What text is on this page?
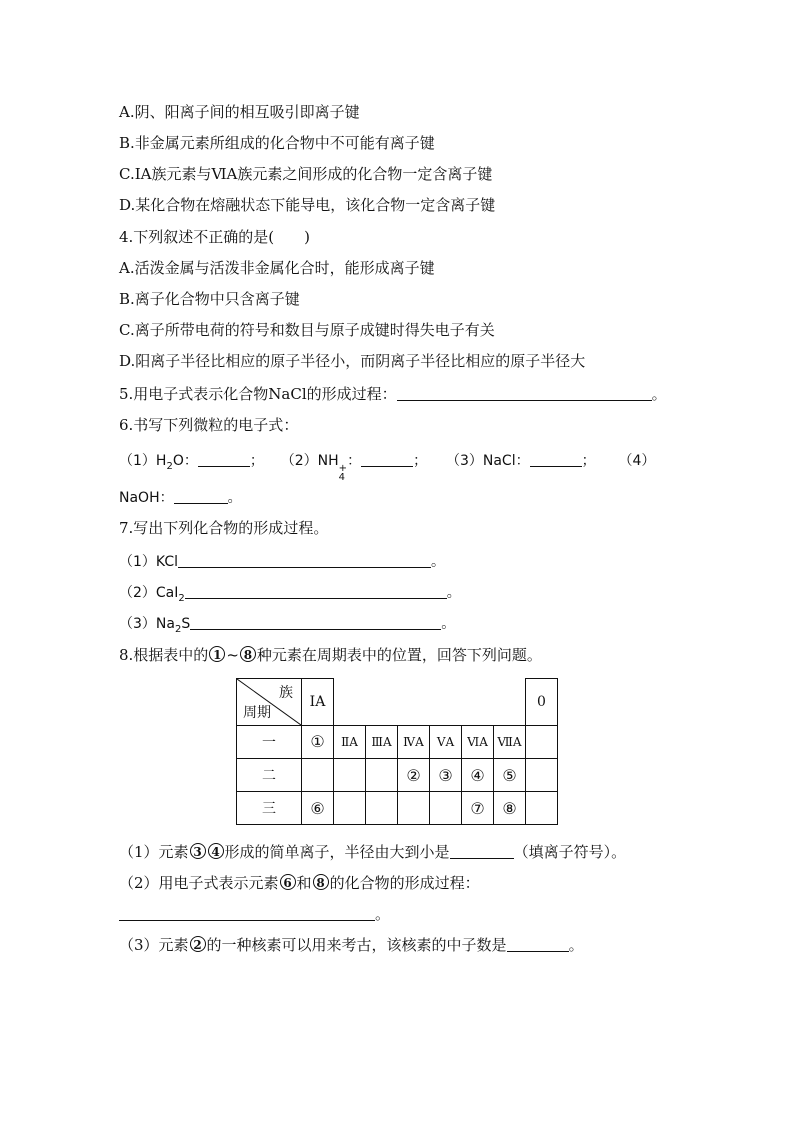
A.阴、阳离子间的相互吸引即离子键
B.非金属元素所组成的化合物中不可能有离子键
C.ⅠA族元素与ⅥA族元素之间形成的化合物一定含离子键
D.某化合物在熔融状态下能导电，该化合物一定含离子键
4.下列叙述不正确的是(　　)
A.活泼金属与活泼非金属化合时，能形成离子键
B.离子化合物中只含离子键
C.离子所带电荷的符号和数目与原子成键时得失电子有关
D.阳离子半径比相应的原子半径小，而阴离子半径比相应的原子半径大
5.用电子式表示化合物NaCl的形成过程：	。
6.书写下列微粒的电子式：
$(1)H_2O$：	； （2）NH +
4
：	； （3）NaCl：	； （4）
NaOH：	。
7.写出下列化合物的形成过程。
（1）KCl	。
（2）CaI$_2$	。
$(3)Na_2S$	。
8.根据表中的 1 ~ 8 种元素在周期表中的位置，回答下列问题。
族
周期	ⅠA							0

一	①	ⅡA	ⅢA	ⅣA	ⅤA	ⅥA	ⅦA	
二				②	③	④	⑤	
三	⑥					⑦	⑧	
（1）元素 3 4 形成的简单离子，半径由大到小是	（填离子符号）。
（2）用电子式表示元素 6 和 8 的化合物的形成过程：
。
（3）元素 2 的一种核素可以用来考古，该核素的中子数是	。
